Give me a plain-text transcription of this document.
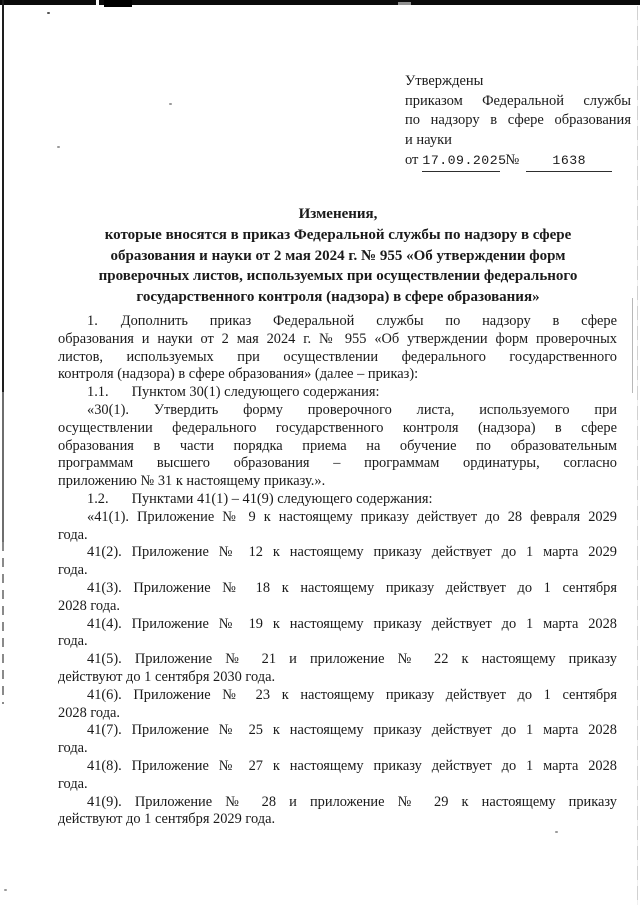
Утверждены
приказом Федеральной службы
по надзору в сфере образования
и науки
от 17.09.2025№	1638
Изменения,
которые вносятся в приказ Федеральной службы по надзору в сфере
образования и науки от 2 мая 2024 г. № 955 «Об утверждении форм
проверочных листов, используемых при осуществлении федерального
государственного контроля (надзора) в сфере образования»
1. Дополнить приказ Федеральной службы по надзору в сфере
образования и науки от 2 мая 2024 г. № 955 «Об утверждении форм проверочных
листов, используемых при осуществлении федерального государственного
контроля (надзора) в сфере образования» (далее – приказ):
1.1. Пунктом 30(1) следующего содержания:
«30(1). Утвердить форму проверочного листа, используемого при
осуществлении федерального государственного контроля (надзора) в сфере
образования в части порядка приема на обучение по образовательным
программам высшего образования – программам ординатуры, согласно
приложению № 31 к настоящему приказу.».
1.2. Пунктами 41(1) – 41(9) следующего содержания:
«41(1). Приложение № 9 к настоящему приказу действует до 28 февраля 2029
года.
41(2). Приложение № 12 к настоящему приказу действует до 1 марта 2029
года.
41(3). Приложение № 18 к настоящему приказу действует до 1 сентября
2028 года.
41(4). Приложение № 19 к настоящему приказу действует до 1 марта 2028
года.
41(5). Приложение № 21 и приложение № 22 к настоящему приказу
действуют до 1 сентября 2030 года.
41(6). Приложение № 23 к настоящему приказу действует до 1 сентября
2028 года.
41(7). Приложение № 25 к настоящему приказу действует до 1 марта 2028
года.
41(8). Приложение № 27 к настоящему приказу действует до 1 марта 2028
года.
41(9). Приложение № 28 и приложение № 29 к настоящему приказу
действуют до 1 сентября 2029 года.
